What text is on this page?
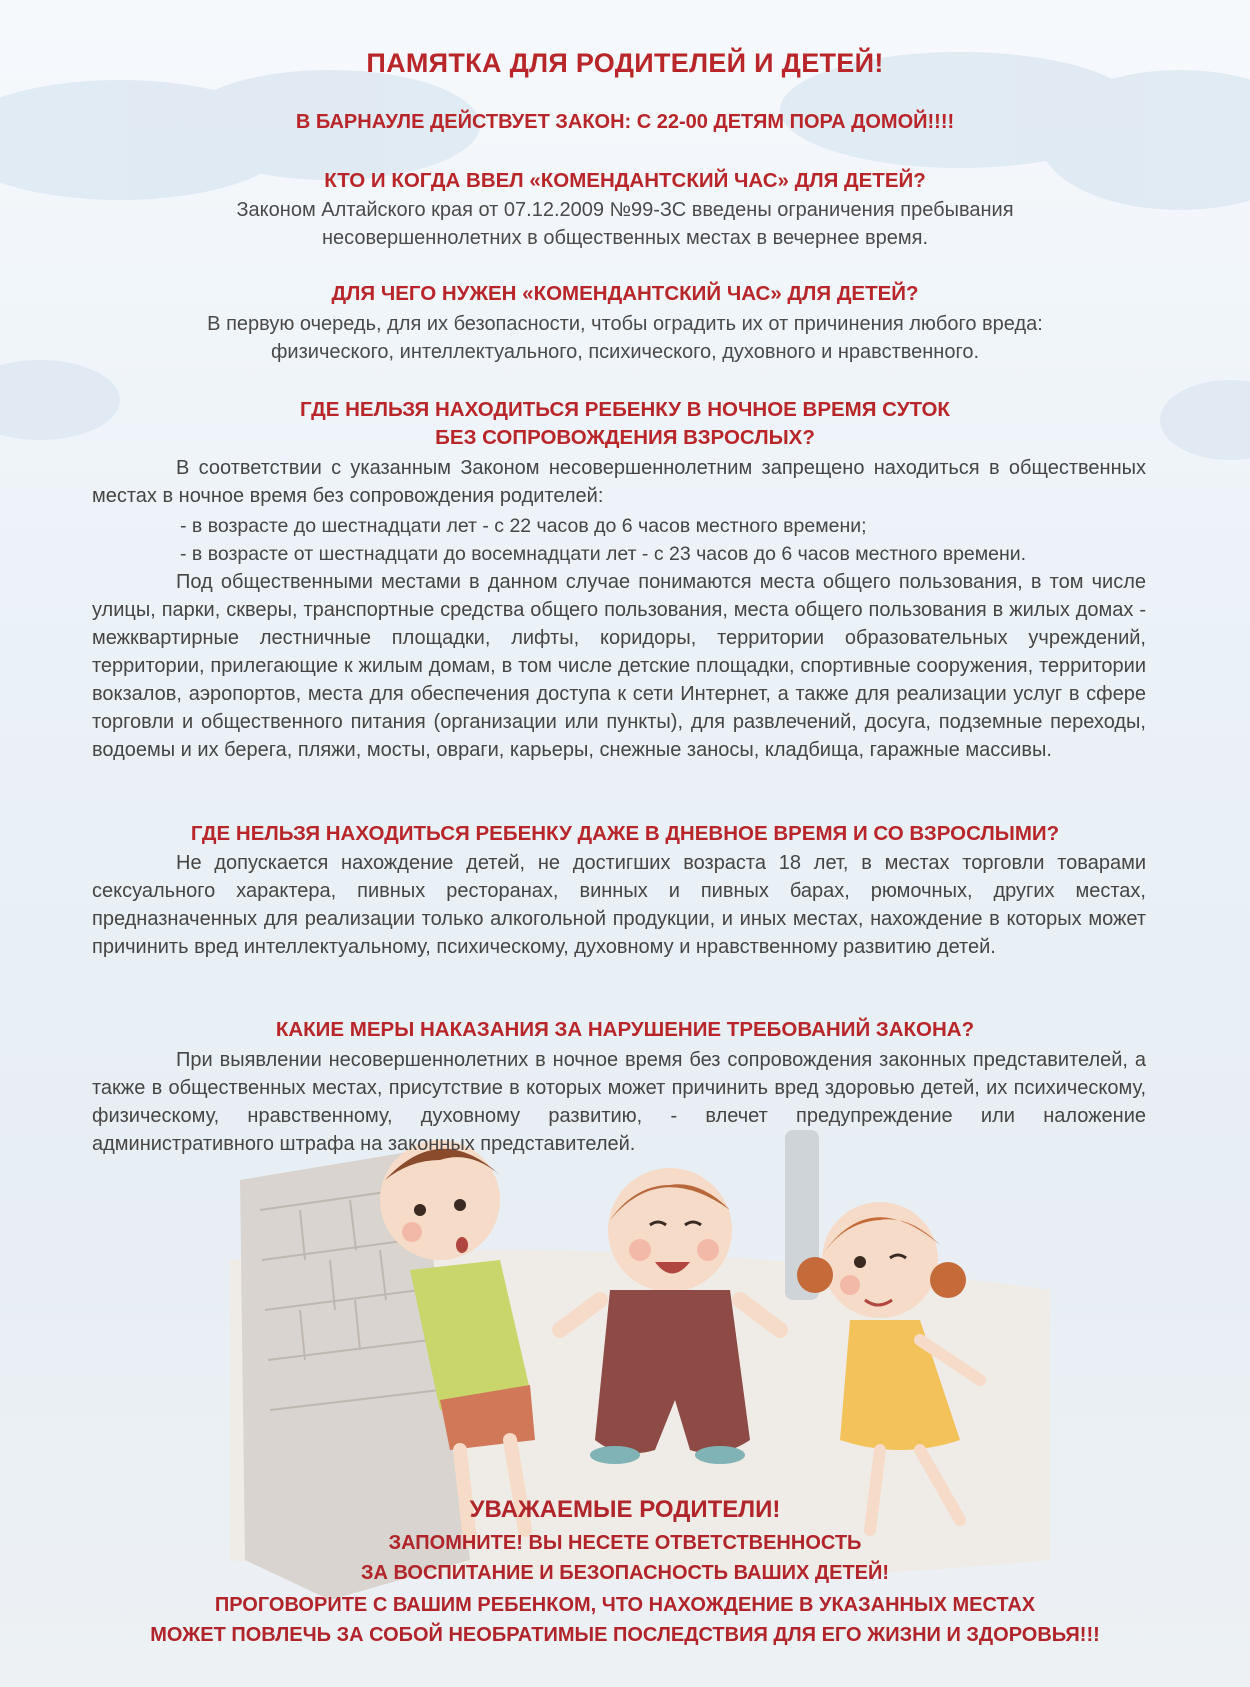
ПАМЯТКА ДЛЯ РОДИТЕЛЕЙ И ДЕТЕЙ!
В БАРНАУЛЕ ДЕЙСТВУЕТ ЗАКОН: С 22-00 ДЕТЯМ ПОРА ДОМОЙ!!!!
КТО И КОГДА ВВЕЛ «КОМЕНДАНТСКИЙ ЧАС» ДЛЯ ДЕТЕЙ?
Законом Алтайского края от 07.12.2009 №99-ЗС введены ограничения пребывания
несовершеннолетних в общественных местах в вечернее время.
ДЛЯ ЧЕГО НУЖЕН «КОМЕНДАНТСКИЙ ЧАС» ДЛЯ ДЕТЕЙ?
В первую очередь, для их безопасности, чтобы оградить их от причинения любого вреда:
физического, интеллектуального, психического, духовного и нравственного.
ГДЕ НЕЛЬЗЯ НАХОДИТЬСЯ РЕБЕНКУ В НОЧНОЕ ВРЕМЯ СУТОК
БЕЗ СОПРОВОЖДЕНИЯ ВЗРОСЛЫХ?
В соответствии с указанным Законом несовершеннолетним запрещено находиться в общественных местах в ночное время без сопровождения родителей:
- в возрасте до шестнадцати лет - с 22 часов до 6 часов местного времени;
- в возрасте от шестнадцати до восемнадцати лет - с 23 часов до 6 часов местного времени.
Под общественными местами в данном случае понимаются места общего пользования, в том числе улицы, парки, скверы, транспортные средства общего пользования, места общего пользования в жилых домах - межквартирные лестничные площадки, лифты, коридоры, территории образовательных учреждений, территории, прилегающие к жилым домам, в том числе детские площадки, спортивные сооружения, территории вокзалов, аэропортов, места для обеспечения доступа к сети Интернет, а также для реализации услуг в сфере торговли и общественного питания (организации или пункты), для развлечений, досуга, подземные переходы, водоемы и их берега, пляжи, мосты, овраги, карьеры, снежные заносы, кладбища, гаражные массивы.
ГДЕ НЕЛЬЗЯ НАХОДИТЬСЯ РЕБЕНКУ ДАЖЕ В ДНЕВНОЕ ВРЕМЯ И СО ВЗРОСЛЫМИ?
Не допускается нахождение детей, не достигших возраста 18 лет, в местах торговли товарами сексуального характера, пивных ресторанах, винных и пивных барах, рюмочных, других местах, предназначенных для реализации только алкогольной продукции, и иных местах, нахождение в которых может причинить вред интеллектуальному, психическому, духовному и нравственному развитию детей.
КАКИЕ МЕРЫ НАКАЗАНИЯ ЗА НАРУШЕНИЕ ТРЕБОВАНИЙ ЗАКОНА?
При выявлении несовершеннолетних в ночное время без сопровождения законных представителей, а также в общественных местах, присутствие в которых может причинить вред здоровью детей, их психическому, физическому, нравственному, духовному развитию, - влечет предупреждение или наложение административного штрафа на законных представителей.
УВАЖАЕМЫЕ РОДИТЕЛИ!
ЗАПОМНИТЕ! ВЫ НЕСЕТЕ ОТВЕТСТВЕННОСТЬ
ЗА ВОСПИТАНИЕ И БЕЗОПАСНОСТЬ ВАШИХ ДЕТЕЙ!
ПРОГОВОРИТЕ С ВАШИМ РЕБЕНКОМ, ЧТО НАХОЖДЕНИЕ В УКАЗАННЫХ МЕСТАХ
МОЖЕТ ПОВЛЕЧЬ ЗА СОБОЙ НЕОБРАТИМЫЕ ПОСЛЕДСТВИЯ ДЛЯ ЕГО ЖИЗНИ И ЗДОРОВЬЯ!!!
